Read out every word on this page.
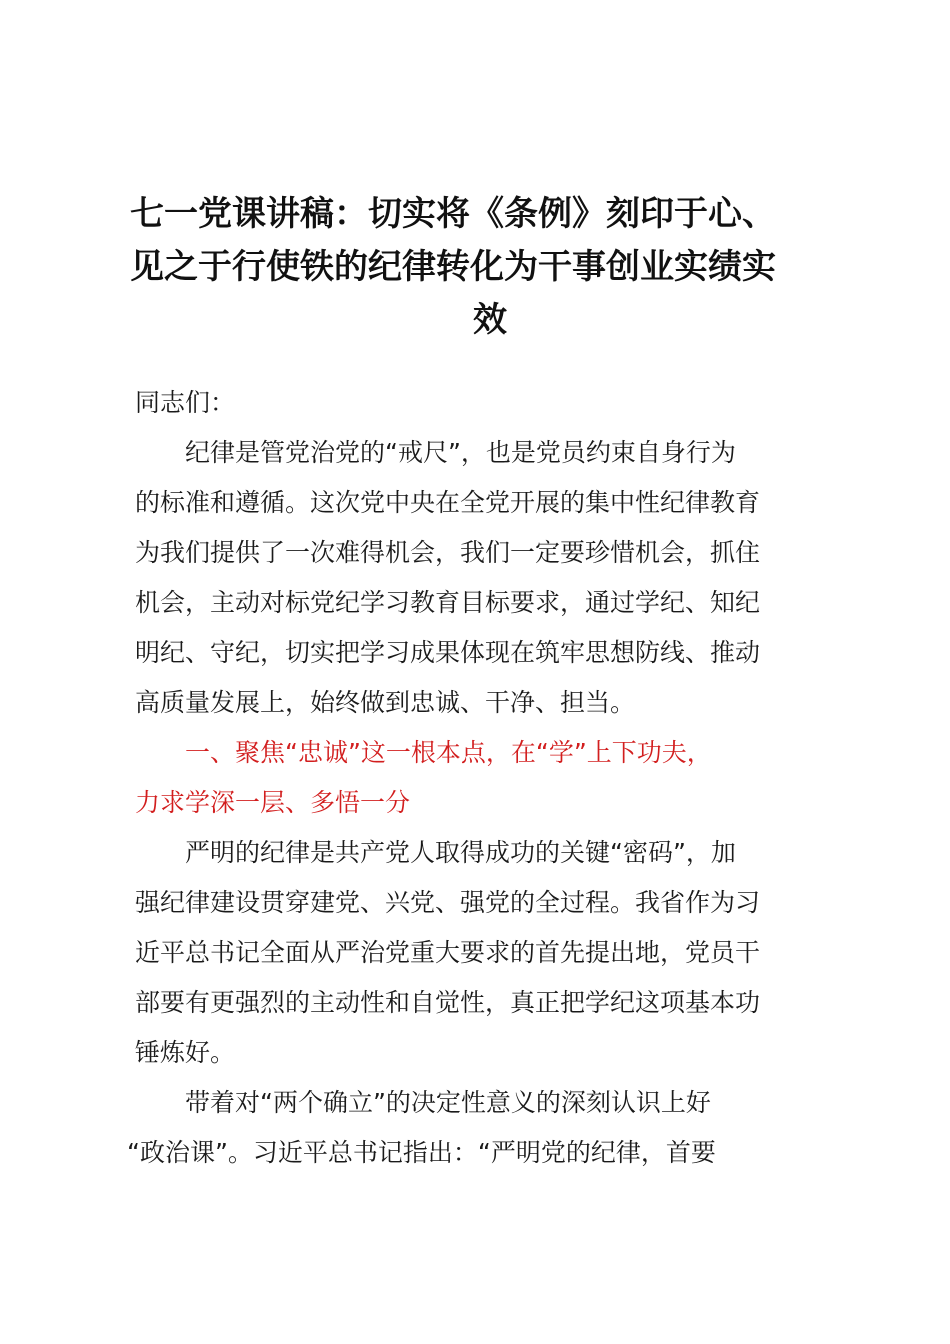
七一党课讲稿：切实将《条例》刻印于心、
见之于行使铁的纪律转化为干事创业实绩实
效
同志们：
纪律是管党治党的“戒尺”，也是党员约束自身行为
的标准和遵循。这次党中央在全党开展的集中性纪律教育
为我们提供了一次难得机会，我们一定要珍惜机会，抓住
机会，主动对标党纪学习教育目标要求，通过学纪、知纪
明纪、守纪，切实把学习成果体现在筑牢思想防线、推动
高质量发展上，始终做到忠诚、干净、担当。
一、聚焦“忠诚”这一根本点，在“学”上下功夫，
力求学深一层、多悟一分
严明的纪律是共产党人取得成功的关键“密码”，加
强纪律建设贯穿建党、兴党、强党的全过程。我省作为习
近平总书记全面从严治党重大要求的首先提出地，党员干
部要有更强烈的主动性和自觉性，真正把学纪这项基本功
锤炼好。
带着对“两个确立”的决定性意义的深刻认识上好
“政治课”。习近平总书记指出：“严明党的纪律，首要
